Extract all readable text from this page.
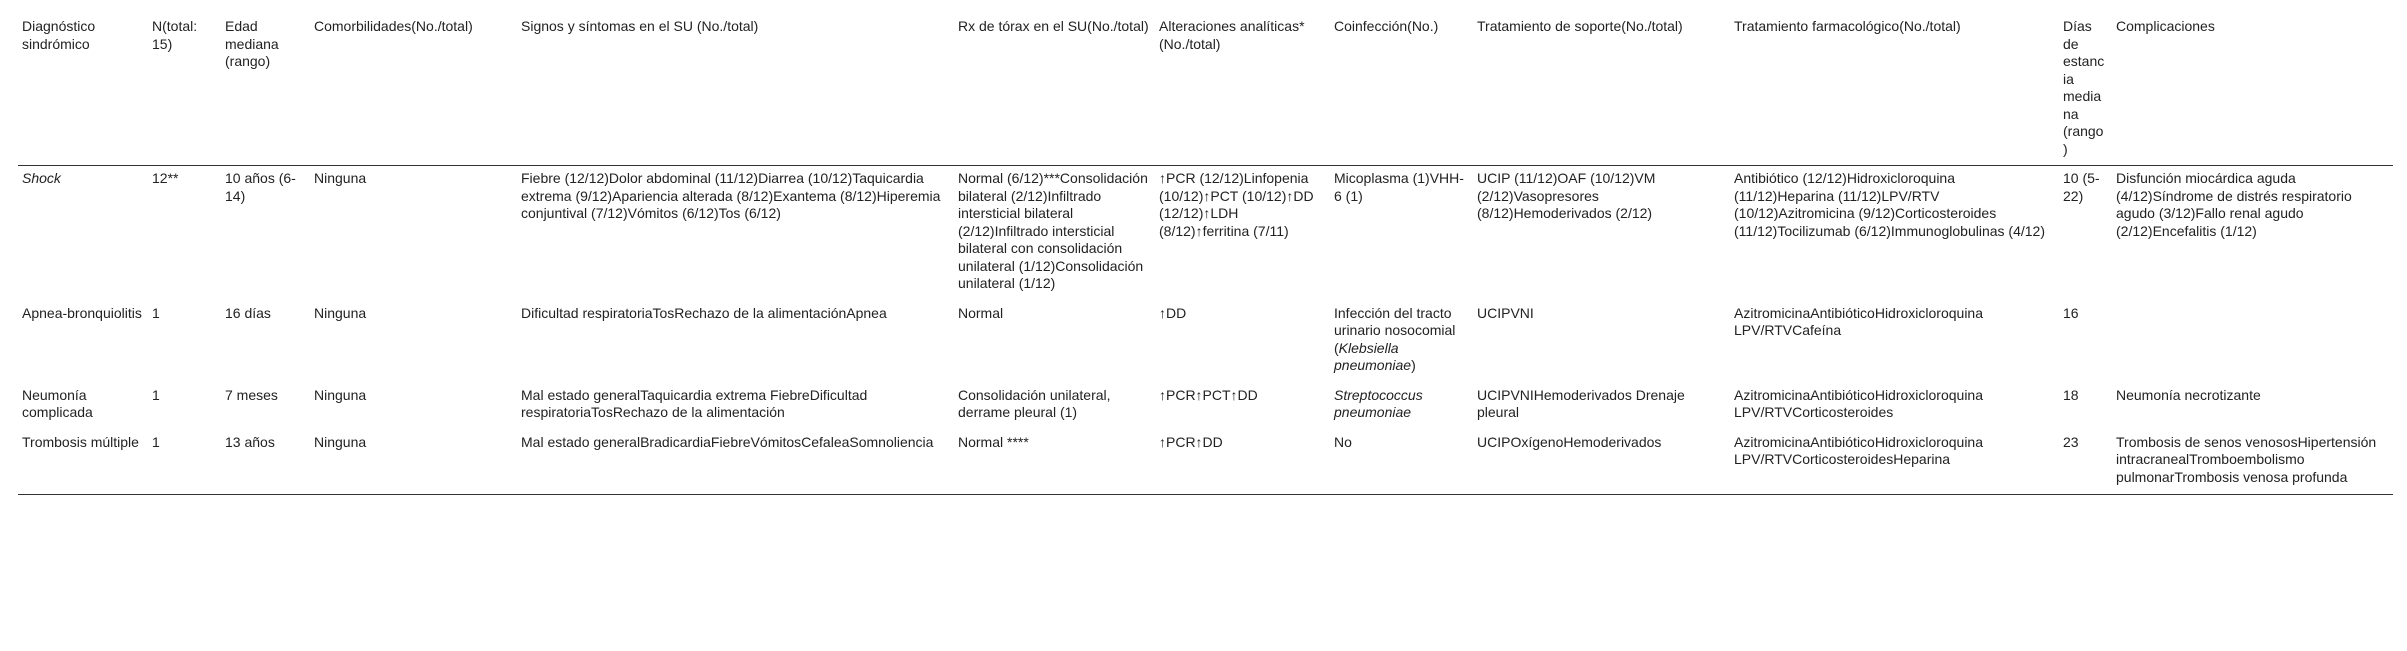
Diagnóstico sindrómico	N(total: 15)	Edad mediana (rango)	Comorbilidades(No./total)	Signos y síntomas en el SU (No./total)	Rx de tórax en el SU(No./total)	Alteraciones analíticas*(No./total)	Coinfección(No.)	Tratamiento de soporte(No./total)	Tratamiento farmacológico(No./total)	Días de estancia mediana (rango)	Complicaciones
Shock	12**	10 años (6-14)	Ninguna	Fiebre (12/12)Dolor abdominal (11/12)Diarrea (10/12)Taquicardia extrema (9/12)Apariencia alterada (8/12)Exantema (8/12)Hiperemia conjuntival (7/12)Vómitos (6/12)Tos (6/12)	Normal (6/12)***Consolidación bilateral (2/12)Infiltrado intersticial bilateral (2/12)Infiltrado intersticial bilateral con consolidación unilateral (1/12)Consolidación unilateral (1/12)	↑PCR (12/12)Linfopenia (10/12)↑PCT (10/12)↑DD (12/12)↑LDH (8/12)↑ferritina (7/11)	Micoplasma (1)VHH-6 (1)	UCIP (11/12)OAF (10/12)VM (2/12)Vasopresores (8/12)Hemoderivados (2/12)	Antibiótico (12/12)Hidroxicloroquina (11/12)Heparina (11/12)LPV/RTV (10/12)Azitromicina (9/12)Corticosteroides (11/12)Tocilizumab (6/12)Immunoglobulinas (4/12)	10 (5-22)	Disfunción miocárdica aguda (4/12)Síndrome de distrés respiratorio agudo (3/12)Fallo renal agudo (2/12)Encefalitis (1/12)
Apnea-bronquiolitis	1	16 días	Ninguna	Dificultad respiratoriaTosRechazo de la alimentaciónApnea	Normal	↑DD	Infección del tracto urinario nosocomial (Klebsiella pneumoniae)	UCIPVNI	AzitromicinaAntibióticoHidroxicloroquina LPV/RTVCafeína	16	
Neumonía complicada	1	7 meses	Ninguna	Mal estado generalTaquicardia extrema FiebreDificultad respiratoriaTosRechazo de la alimentación	Consolidación unilateral, derrame pleural (1)	↑PCR↑PCT↑DD	Streptococcus pneumoniae	UCIPVNIHemoderivados Drenaje pleural	AzitromicinaAntibióticoHidroxicloroquina LPV/RTVCorticosteroides	18	Neumonía necrotizante
Trombosis múltiple	1	13 años	Ninguna	Mal estado generalBradicardiaFiebreVómitosCefaleaSomnoliencia	Normal ****	↑PCR↑DD	No	UCIPOxígenoHemoderivados	AzitromicinaAntibióticoHidroxicloroquina LPV/RTVCorticosteroidesHeparina	23	Trombosis de senos venososHipertensión intracranealTromboembolismo pulmonarTrombosis venosa profunda
